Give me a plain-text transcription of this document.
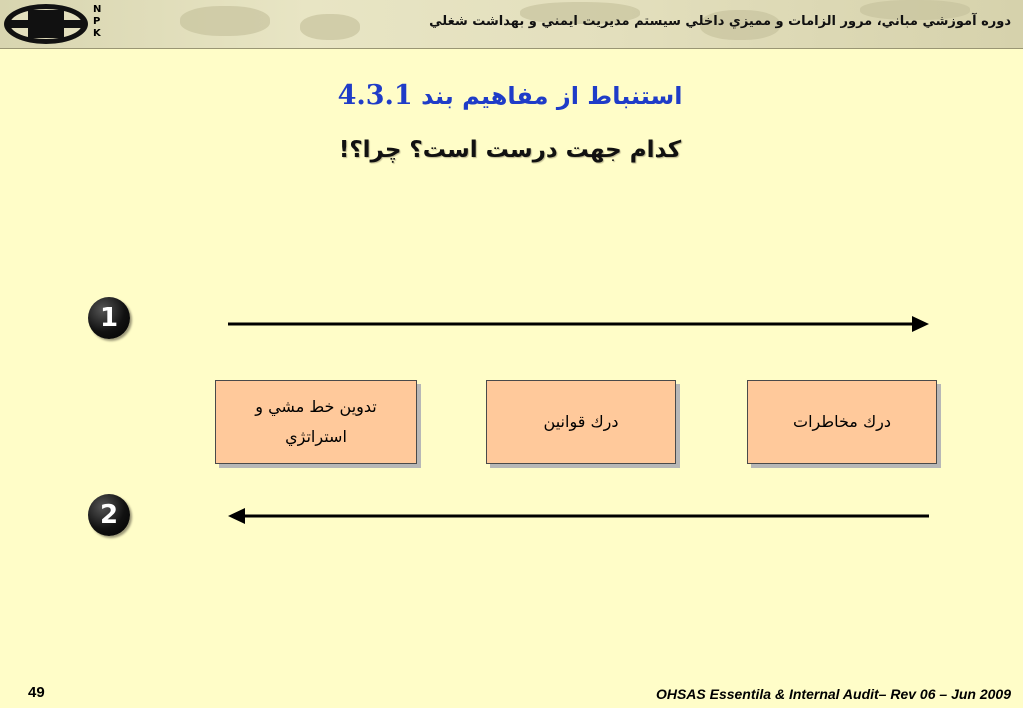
N
P
K
دوره آموزشي مباني، مرور الزامات و مميزي داخلي سيستم مديريت ايمني و بهداشت شغلي
استنباط از مفاهيم بند 4.3.1
كدام جهت درست است؟ چرا؟!
1
2
تدوين خط مشي و
استراتژي
درك قوانين	درك مخاطرات
49	OHSAS Essentila & Internal Audit– Rev 06 – Jun 2009
